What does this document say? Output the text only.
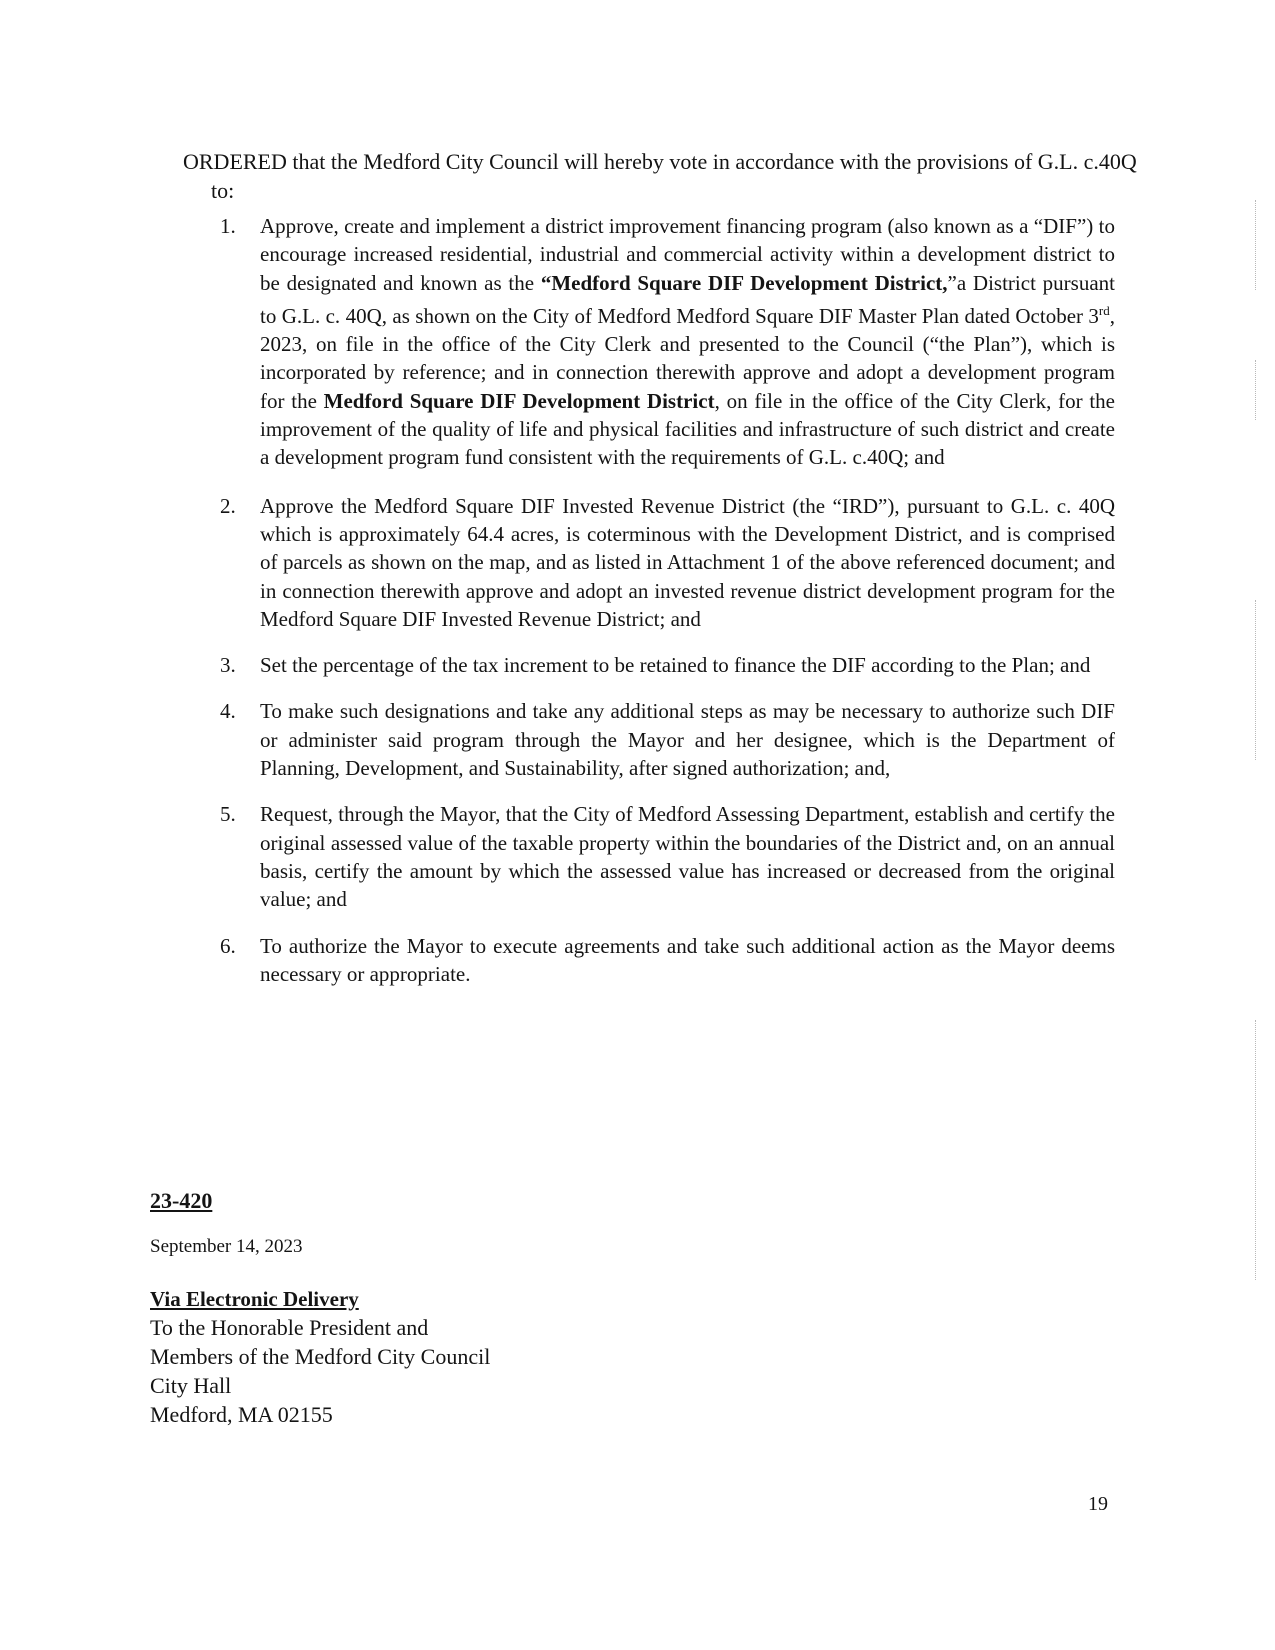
ORDERED that the Medford City Council will hereby vote in accordance with the provisions of G.L. c.40Q to:
1.	Approve, create and implement a district improvement financing program (also known as a “DIF”) to encourage increased residential, industrial and commercial activity within a development district to be designated and known as the “Medford Square DIF Development District,”a District pursuant to G.L. c. 40Q, as shown on the City of Medford Medford Square DIF Master Plan dated October 3rd, 2023, on file in the office of the City Clerk and presented to the Council (“the Plan”), which is incorporated by reference; and in connection therewith approve and adopt a development program for the Medford Square DIF Development District, on file in the office of the City Clerk, for the improvement of the quality of life and physical facilities and infrastructure of such district and create a development program fund consistent with the requirements of G.L. c.40Q; and
2.	Approve the Medford Square DIF Invested Revenue District (the “IRD”), pursuant to G.L. c. 40Q which is approximately 64.4 acres, is coterminous with the Development District, and is comprised of parcels as shown on the map, and as listed in Attachment 1 of the above referenced document; and in connection therewith approve and adopt an invested revenue district development program for the Medford Square DIF Invested Revenue District; and
3.	Set the percentage of the tax increment to be retained to finance the DIF according to the Plan; and
4.	To make such designations and take any additional steps as may be necessary to authorize such DIF or administer said program through the Mayor and her designee, which is the Department of Planning, Development, and Sustainability, after signed authorization; and,
5.	Request, through the Mayor, that the City of Medford Assessing Department, establish and certify the original assessed value of the taxable property within the boundaries of the District and, on an annual basis, certify the amount by which the assessed value has increased or decreased from the original value; and
6.	To authorize the Mayor to execute agreements and take such additional action as the Mayor deems necessary or appropriate.
23-420
September 14, 2023
Via Electronic Delivery
To the Honorable President and
Members of the Medford City Council
City Hall
Medford, MA 02155
19
